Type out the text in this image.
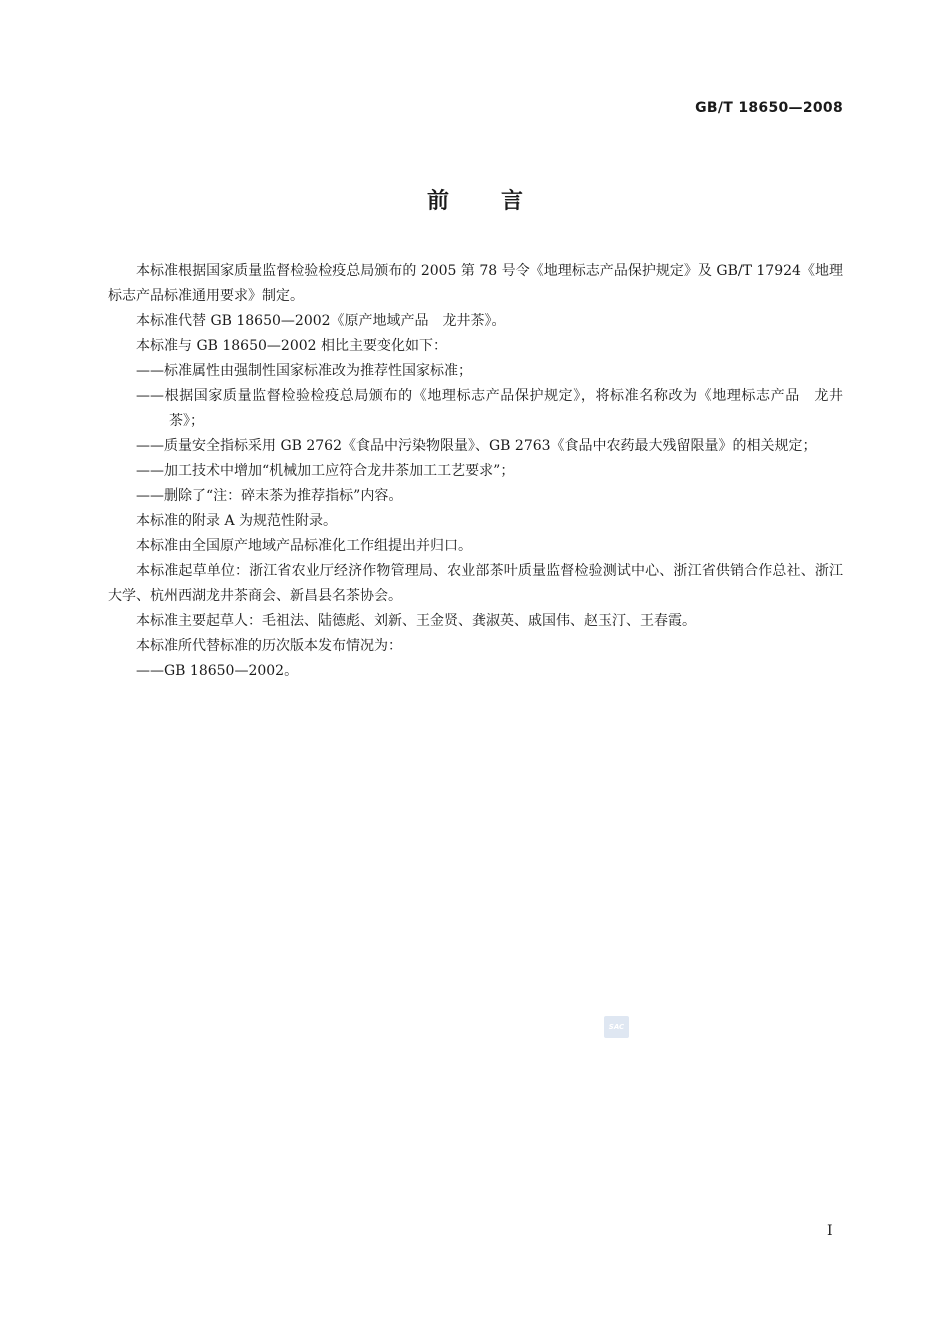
GB/T 18650—2008
前 言

本标准根据国家质量监督检验检疫总局颁布的 2005 第 78 号令《地理标志产品保护规定》及 GB/T 17924《地理标志产品标准通用要求》制定。

本标准代替 GB 18650—2002《原产地域产品　龙井茶》。

本标准与 GB 18650—2002 相比主要变化如下：

——标准属性由强制性国家标准改为推荐性国家标准；

——根据国家质量监督检验检疫总局颁布的《地理标志产品保护规定》，将标准名称改为《地理标志产品　龙井茶》；

——质量安全指标采用 GB 2762《食品中污染物限量》、GB 2763《食品中农药最大残留限量》的相关规定；

——加工技术中增加“机械加工应符合龙井茶加工工艺要求”；

——删除了“注：碎末茶为推荐指标”内容。

本标准的附录 A 为规范性附录。

本标准由全国原产地域产品标准化工作组提出并归口。

本标准起草单位：浙江省农业厅经济作物管理局、农业部茶叶质量监督检验测试中心、浙江省供销合作总社、浙江大学、杭州西湖龙井茶商会、新昌县名茶协会。

本标准主要起草人：毛祖法、陆德彪、刘新、王金贤、龚淑英、戚国伟、赵玉汀、王春霞。

本标准所代替标准的历次版本发布情况为：

——GB 18650—2002。

SAC
I
